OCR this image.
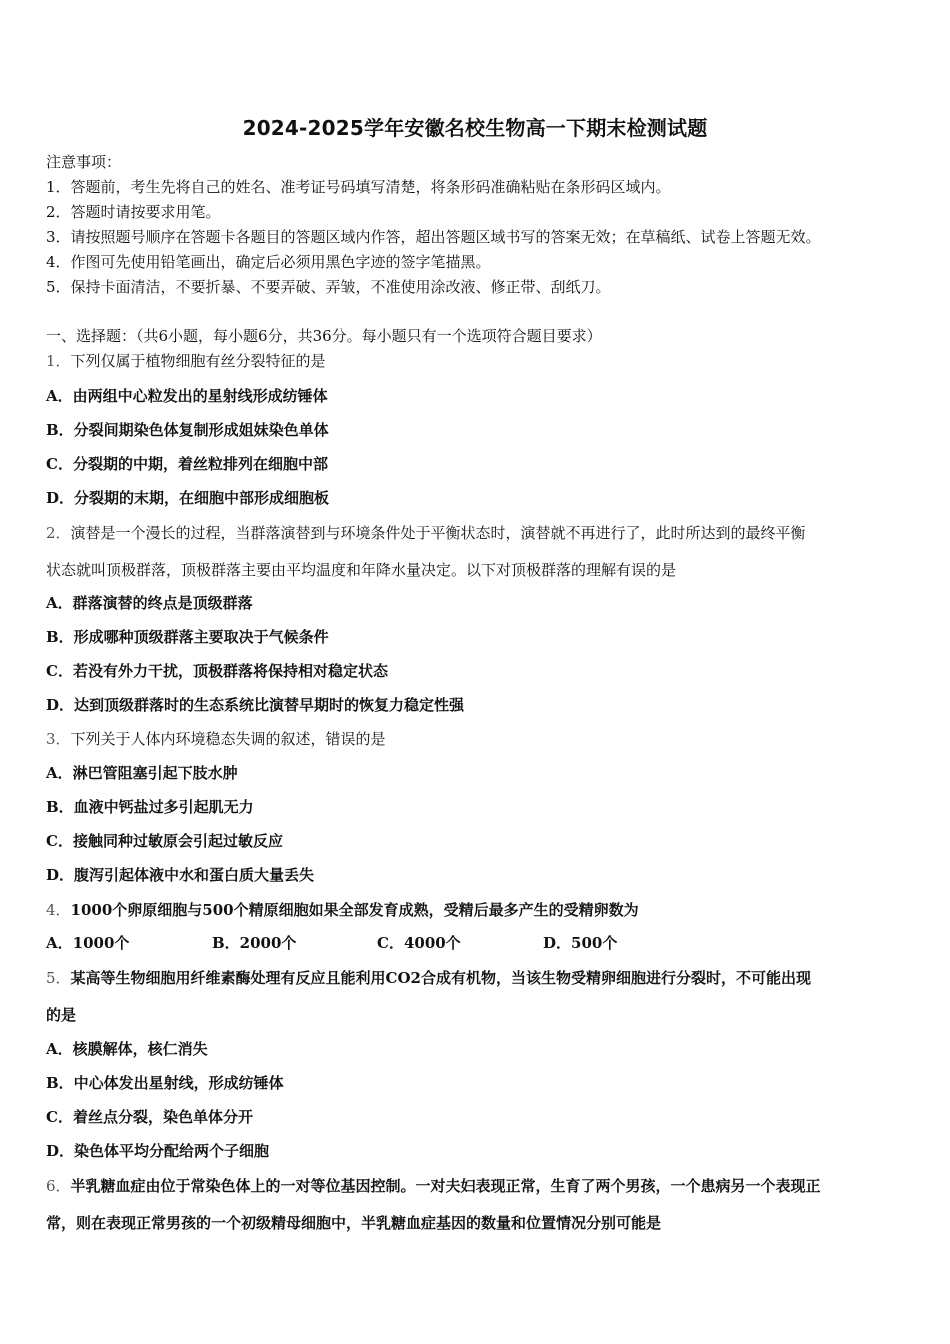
2024-2025学年安徽名校生物高一下期末检测试题
注意事项：
1．答题前，考生先将自己的姓名、准考证号码填写清楚，将条形码准确粘贴在条形码区域内。
2．答题时请按要求用笔。
3．请按照题号顺序在答题卡各题目的答题区域内作答，超出答题区域书写的答案无效；在草稿纸、试卷上答题无效。
4．作图可先使用铅笔画出，确定后必须用黑色字迹的签字笔描黑。
5．保持卡面清洁，不要折暴、不要弄破、弄皱，不准使用涂改液、修正带、刮纸刀。
一、选择题：（共6小题，每小题6分，共36分。每小题只有一个选项符合题目要求）
1．下列仅属于植物细胞有丝分裂特征的是
A．由两组中心粒发出的星射线形成纺锤体
B．分裂间期染色体复制形成姐妹染色单体
C．分裂期的中期，着丝粒排列在细胞中部
D．分裂期的末期，在细胞中部形成细胞板
2．演替是一个漫长的过程，当群落演替到与环境条件处于平衡状态时，演替就不再进行了，此时所达到的最终平衡
状态就叫顶极群落，顶极群落主要由平均温度和年降水量决定。以下对顶极群落的理解有误的是
A．群落演替的终点是顶级群落
B．形成哪种顶级群落主要取决于气候条件
C．若没有外力干扰，顶极群落将保持相对稳定状态
D．达到顶级群落时的生态系统比演替早期时的恢复力稳定性强
3．下列关于人体内环境稳态失调的叙述，错误的是
A．淋巴管阻塞引起下肢水肿
B．血液中钙盐过多引起肌无力
C．接触同种过敏原会引起过敏反应
D．腹泻引起体液中水和蛋白质大量丢失
4．1000个卵原细胞与500个精原细胞如果全部发育成熟，受精后最多产生的受精卵数为
A．1000个	B．2000个	C．4000个	D．500个
5．某高等生物细胞用纤维素酶处理有反应且能利用CO2合成有机物，当该生物受精卵细胞进行分裂时，不可能出现
的是
A．核膜解体，核仁消失
B．中心体发出星射线，形成纺锤体
C．着丝点分裂，染色单体分开
D．染色体平均分配给两个子细胞
6．半乳糖血症由位于常染色体上的一对等位基因控制。一对夫妇表现正常，生育了两个男孩，一个患病另一个表现正
常，则在表现正常男孩的一个初级精母细胞中，半乳糖血症基因的数量和位置情况分别可能是
